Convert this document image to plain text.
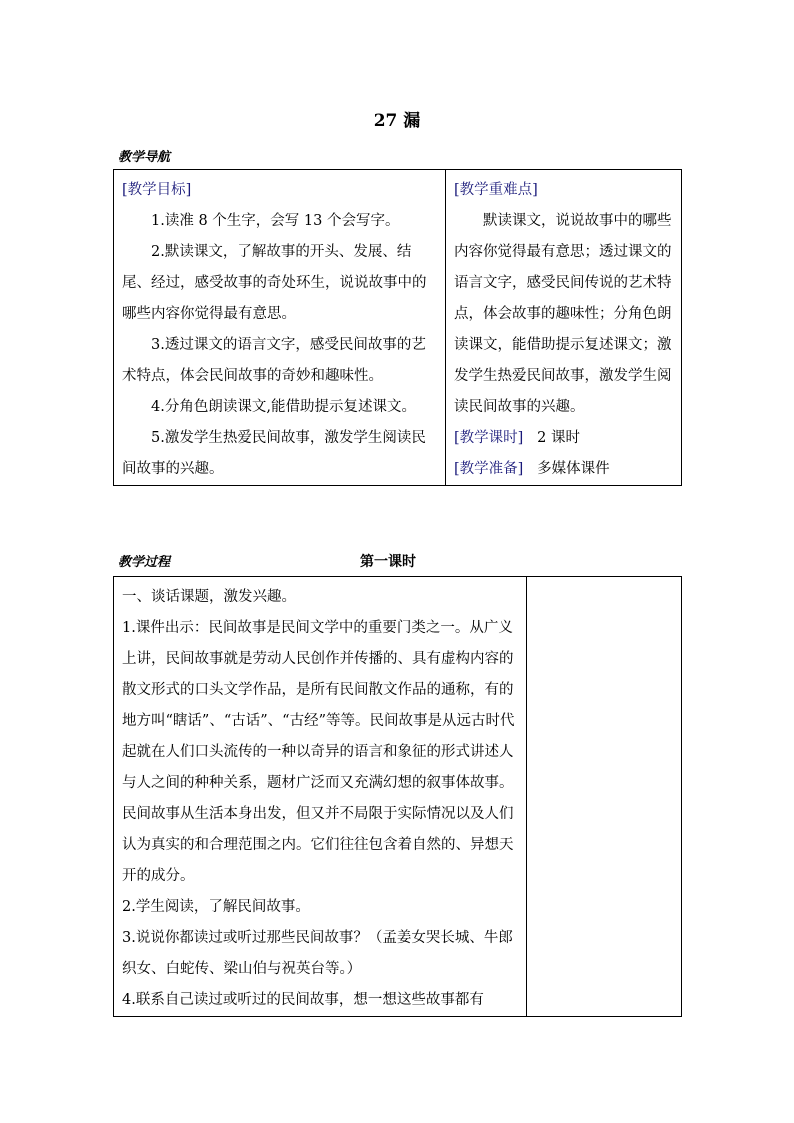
27 漏
教学导航

[教学目标]

1.读准 8 个生字，会写 13 个会写字。

2.默读课文，了解故事的开头、发展、结尾、经过，感受故事的奇处环生，说说故事中的哪些内容你觉得最有意思。

3.透过课文的语言文字，感受民间故事的艺术特点，体会民间故事的奇妙和趣味性。

4.分角色朗读课文,能借助提示复述课文。

5.激发学生热爱民间故事，激发学生阅读民间故事的兴趣。

[教学重难点]

默读课文，说说故事中的哪些内容你觉得最有意思；透过课文的语言文字，感受民间传说的艺术特点，体会故事的趣味性；分角色朗读课文，能借助提示复述课文；激发学生热爱民间故事，激发学生阅读民间故事的兴趣。

[教学课时] 2 课时

[教学准备] 多媒体课件

教学过程	第一课时

一、谈话课题，激发兴趣。

1.课件出示：民间故事是民间文学中的重要门类之一。从广义上讲，民间故事就是劳动人民创作并传播的、具有虚构内容的散文形式的口头文学作品，是所有民间散文作品的通称，有的地方叫“瞎话”、“古话”、“古经”等等。民间故事是从远古时代起就在人们口头流传的一种以奇异的语言和象征的形式讲述人与人之间的种种关系，题材广泛而又充满幻想的叙事体故事。民间故事从生活本身出发，但又并不局限于实际情况以及人们认为真实的和合理范围之内。它们往往包含着自然的、异想天开的成分。

2.学生阅读，了解民间故事。

3.说说你都读过或听过那些民间故事？（孟姜女哭长城、牛郎织女、白蛇传、梁山伯与祝英台等。）

4.联系自己读过或听过的民间故事，想一想这些故事都有
